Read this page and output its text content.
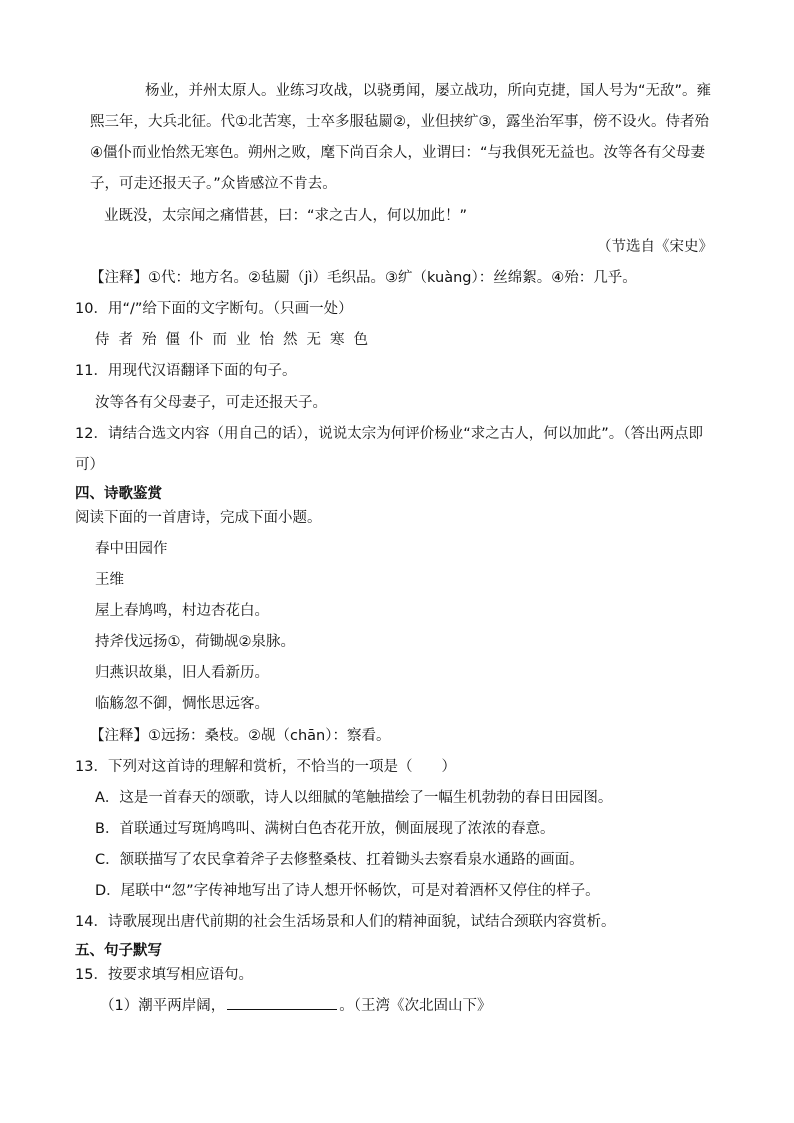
杨业，并州太原人。业练习攻战，以骁勇闻，屡立战功，所向克捷，国人号为“无敌”。雍
熙三年，大兵北征。代①北苦寒，士卒多服毡罽②，业但挟纩③，露坐治军事，傍不设火。侍者殆
④僵仆而业怡然无寒色。朔州之败，麾下尚百余人，业谓曰：“与我俱死无益也。汝等各有父母妻
子，可走还报天子。”众皆感泣不肯去。
业既没，太宗闻之痛惜甚，曰：“求之古人，何以加此！”
（节选自《宋史》
【注释】①代：地方名。②毡罽（jì）毛织品。③纩（kuàng）：丝绵絮。④殆：几乎。
10．用“/”给下面的文字断句。（只画一处）
侍者殆僵仆而业怡然无寒色
11．用现代汉语翻译下面的句子。
汝等各有父母妻子，可走还报天子。
12．请结合选文内容（用自己的话），说说太宗为何评价杨业“求之古人，何以加此”。（答出两点即
可）
四、诗歌鉴赏
阅读下面的一首唐诗，完成下面小题。
春中田园作
王维
屋上春鸠鸣，村边杏花白。
持斧伐远扬①，荷锄觇②泉脉。
归燕识故巢，旧人看新历。
临觞忽不御，惆怅思远客。
【注释】①远扬：桑枝。②觇（chān）：察看。
13．下列对这首诗的理解和赏析，不恰当的一项是（　　）
A．这是一首春天的颂歌，诗人以细腻的笔触描绘了一幅生机勃勃的春日田园图。
B．首联通过写斑鸠鸣叫、满树白色杏花开放，侧面展现了浓浓的春意。
C．颔联描写了农民拿着斧子去修整桑枝、扛着锄头去察看泉水通路的画面。
D．尾联中“忽”字传神地写出了诗人想开怀畅饮，可是对着酒杯又停住的样子。
14．诗歌展现出唐代前期的社会生活场景和人们的精神面貌，试结合颈联内容赏析。
五、句子默写
15．按要求填写相应语句。
（1）潮平两岸阔，	。（王湾《次北固山下》
